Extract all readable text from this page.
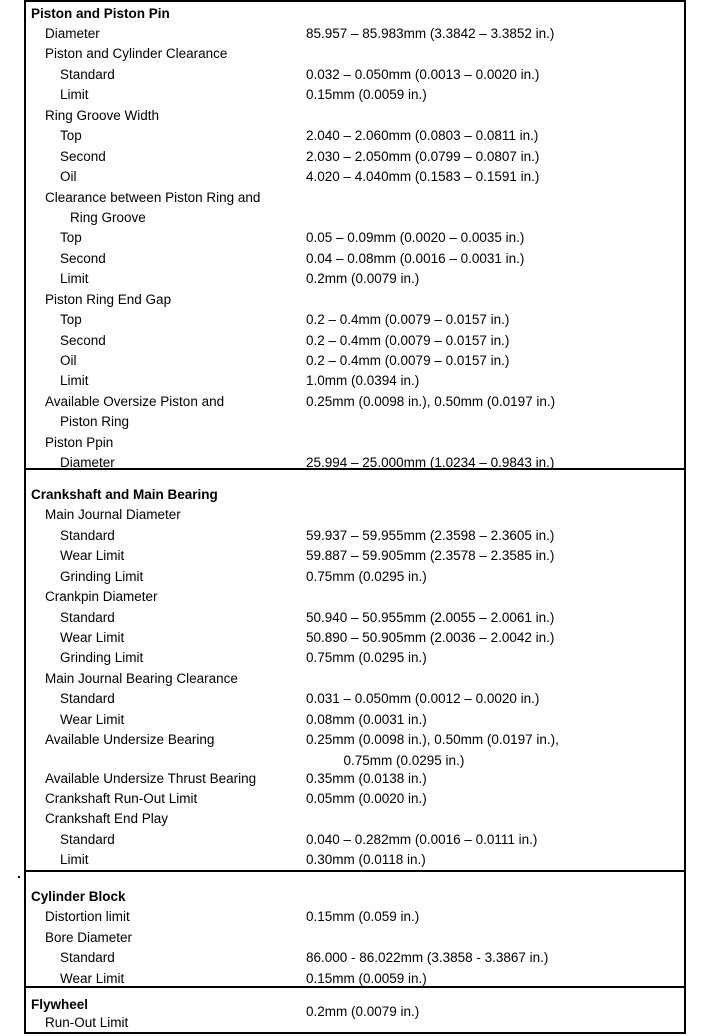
Piston and Piston Pin
Diameter	85.957 – 85.983mm (3.3842 – 3.3852 in.)
Piston and Cylinder Clearance
Standard	0.032 – 0.050mm (0.0013 – 0.0020 in.)
Limit	0.15mm (0.0059 in.)
Ring Groove Width
Top	2.040 – 2.060mm (0.0803 – 0.0811 in.)
Second	2.030 – 2.050mm (0.0799 – 0.0807 in.)
Oil	4.020 – 4.040mm (0.1583 – 0.1591 in.)
Clearance between Piston Ring and
Ring Groove
Top	0.05 – 0.09mm (0.0020 – 0.0035 in.)
Second	0.04 – 0.08mm (0.0016 – 0.0031 in.)
Limit	0.2mm (0.0079 in.)
Piston Ring End Gap
Top	0.2 – 0.4mm (0.0079 – 0.0157 in.)
Second	0.2 – 0.4mm (0.0079 – 0.0157 in.)
Oil	0.2 – 0.4mm (0.0079 – 0.0157 in.)
Limit	1.0mm (0.0394 in.)
Available Oversize Piston and	0.25mm (0.0098 in.), 0.50mm (0.0197 in.)
Piston Ring
Piston Ppin
Diameter	25.994 – 25.000mm (1.0234 – 0.9843 in.)
Crankshaft and Main Bearing
Main Journal Diameter
Standard	59.937 – 59.955mm (2.3598 – 2.3605 in.)
Wear Limit	59.887 – 59.905mm (2.3578 – 2.3585 in.)
Grinding Limit	0.75mm (0.0295 in.)
Crankpin Diameter
Standard	50.940 – 50.955mm (2.0055 – 2.0061 in.)
Wear Limit	50.890 – 50.905mm (2.0036 – 2.0042 in.)
Grinding Limit	0.75mm (0.0295 in.)
Main Journal Bearing Clearance
Standard	0.031 – 0.050mm (0.0012 – 0.0020 in.)
Wear Limit	0.08mm (0.0031 in.)
Available Undersize Bearing	0.25mm (0.0098 in.), 0.50mm (0.0197 in.),
0.75mm (0.0295 in.)
Available Undersize Thrust Bearing	0.35mm (0.0138 in.)
Crankshaft Run-Out Limit	0.05mm (0.0020 in.)
Crankshaft End Play
Standard	0.040 – 0.282mm (0.0016 – 0.0111 in.)
Limit	0.30mm (0.0118 in.)
Cylinder Block
Distortion limit	0.15mm (0.059 in.)
Bore Diameter
Standard	86.000 - 86.022mm (3.3858 - 3.3867 in.)
Wear Limit	0.15mm (0.0059 in.)
Flywheel	0.2mm (0.0079 in.)
Run-Out Limit
